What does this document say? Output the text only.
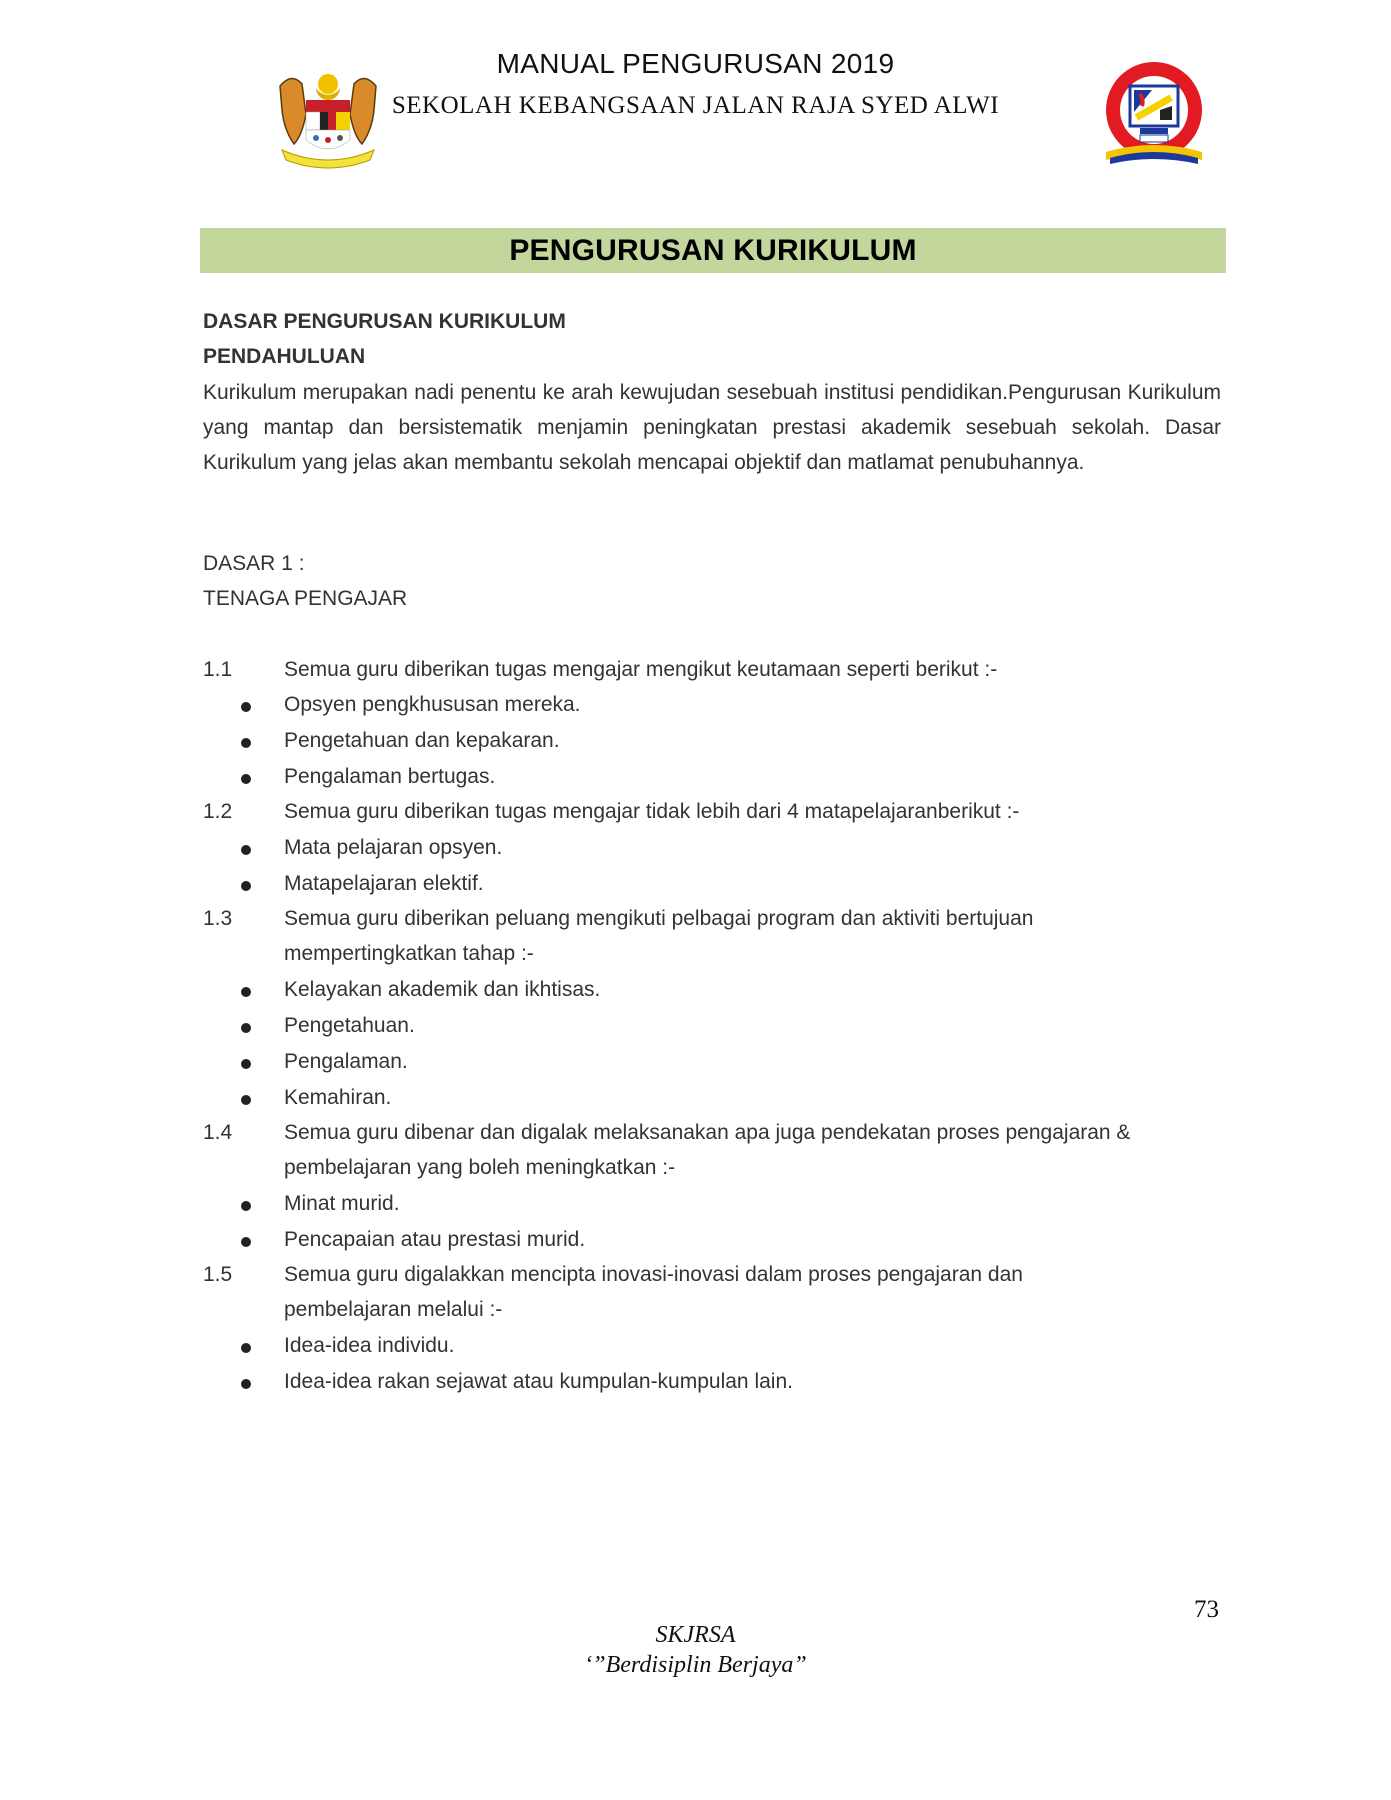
MANUAL PENGURUSAN 2019
SEKOLAH KEBANGSAAN JALAN RAJA SYED ALWI
PENGURUSAN KURIKULUM
DASAR PENGURUSAN KURIKULUM
PENDAHULUAN
Kurikulum merupakan nadi penentu ke arah kewujudan sesebuah institusi pendidikan.Pengurusan Kurikulum yang mantap dan bersistematik menjamin peningkatan prestasi akademik sesebuah sekolah. Dasar Kurikulum yang jelas akan membantu sekolah mencapai objektif dan matlamat penubuhannya.
DASAR 1 :
TENAGA PENGAJAR
1.1 Semua guru diberikan tugas mengajar mengikut keutamaan seperti berikut :-
Opsyen pengkhususan mereka.
Pengetahuan dan kepakaran.
Pengalaman bertugas.
1.2 Semua guru diberikan tugas mengajar tidak lebih dari 4 matapelajaranberikut :-
Mata pelajaran opsyen.
Matapelajaran elektif.
1.3 Semua guru diberikan peluang mengikuti pelbagai program dan aktiviti bertujuan
mempertingkatkan tahap :-
Kelayakan akademik dan ikhtisas.
Pengetahuan.
Pengalaman.
Kemahiran.
1.4 Semua guru dibenar dan digalak melaksanakan apa juga pendekatan proses pengajaran &
pembelajaran yang boleh meningkatkan :-
Minat murid.
Pencapaian atau prestasi murid.
1.5 Semua guru digalakkan mencipta inovasi-inovasi dalam proses pengajaran dan
pembelajaran melalui :-
Idea-idea individu.
Idea-idea rakan sejawat atau kumpulan-kumpulan lain.
73
SKJRSA
‘”Berdisiplin Berjaya”
